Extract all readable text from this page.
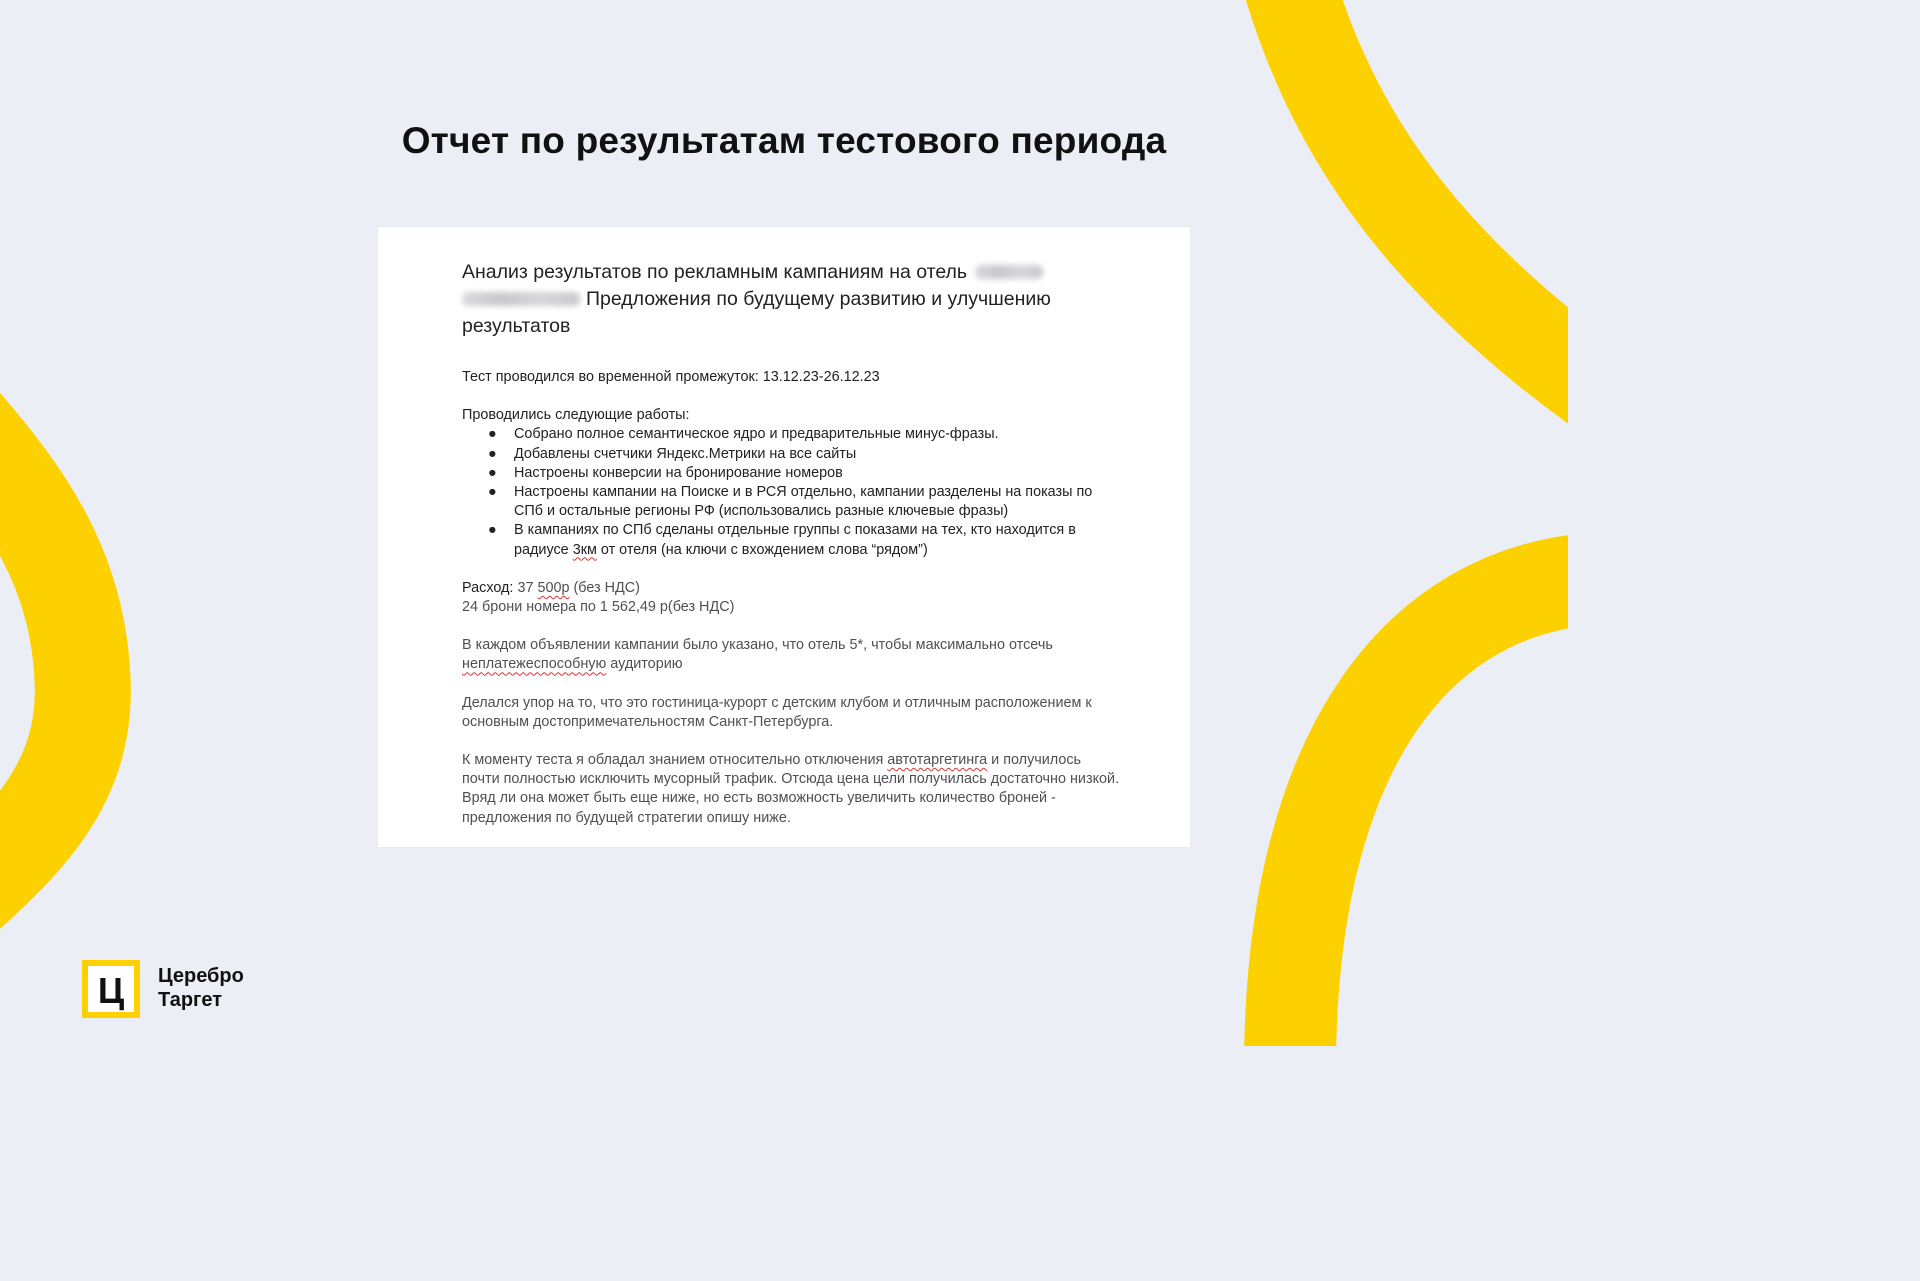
Отчет по результатам тестового периода
Анализ результатов по рекламным кампаниям на отель
Предложения по будущему развитию и улучшению результатов
Тест проводился во временной промежуток: 13.12.23-26.12.23
Проводились следующие работы:
● Собрано полное семантическое ядро и предварительные минус-фразы.
● Добавлены счетчики Яндекс.Метрики на все сайты
● Настроены конверсии на бронирование номеров
● Настроены кампании на Поиске и в РСЯ отдельно, кампании разделены на показы по СПб и остальные регионы РФ (использовались разные ключевые фразы)
● В кампаниях по СПб сделаны отдельные группы с показами на тех, кто находится в радиусе 3км от отеля (на ключи с вхождением слова “рядом”)
Расход: 37 500р (без НДС)
24 брони номера по 1 562,49 р(без НДС)
В каждом объявлении кампании было указано, что отель 5*, чтобы максимально отсечь неплатежеспособную аудиторию
Делался упор на то, что это гостиница-курорт с детским клубом и отличным расположением к основным достопримечательностям Санкт-Петербурга.
К моменту теста я обладал знанием относительно отключения автотаргетинга и получилось почти полностью исключить мусорный трафик. Отсюда цена цели получилась достаточно низкой. Вряд ли она может быть еще ниже, но есть возможность увеличить количество броней - предложения по будущей стратегии опишу ниже.
Ц Церебро
Таргет
